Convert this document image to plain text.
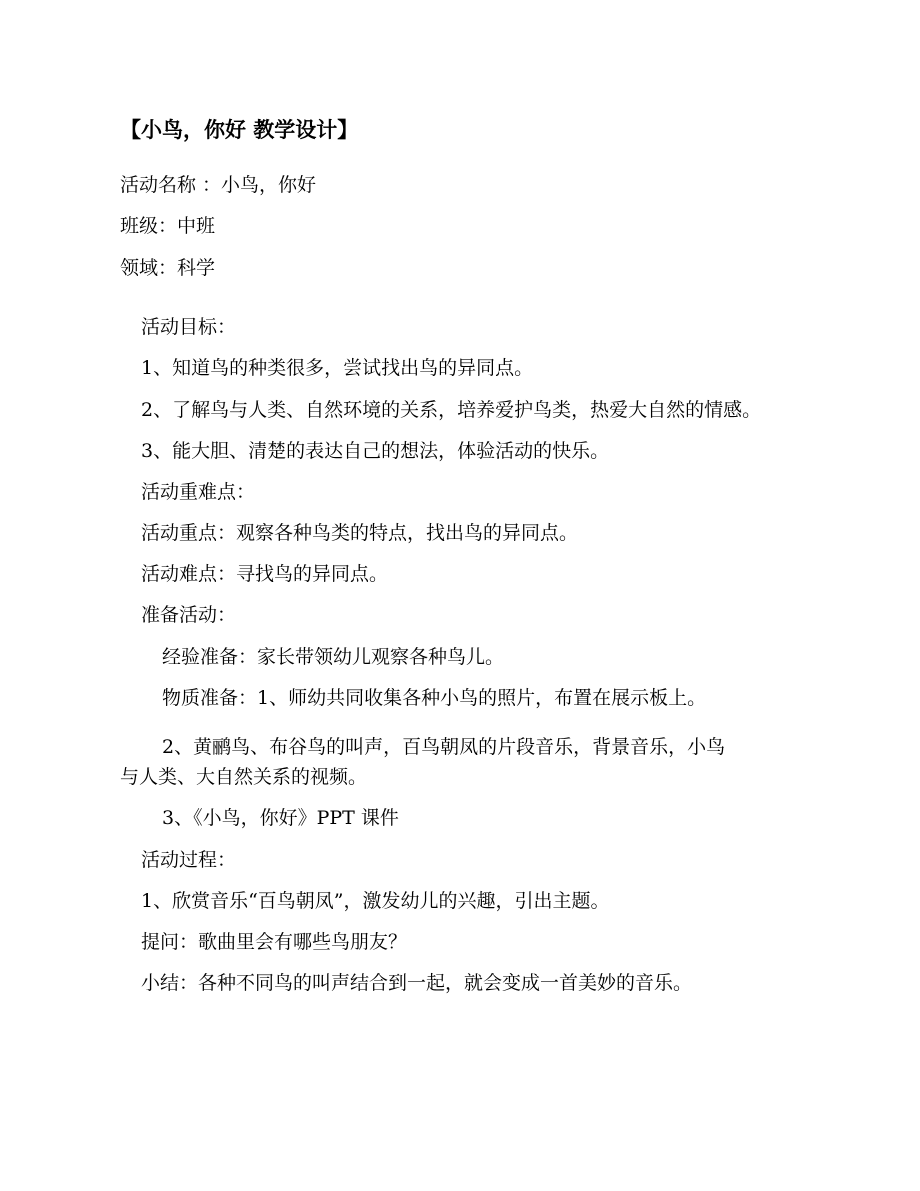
【小鸟，你好 教学设计】
活动名称 ：小鸟，你好
班级：中班
领域：科学
活动目标：
1、知道鸟的种类很多，尝试找出鸟的异同点。
2、了解鸟与人类、自然环境的关系，培养爱护鸟类，热爱大自然的情感。
3、能大胆、清楚的表达自己的想法，体验活动的快乐。
活动重难点：
活动重点：观察各种鸟类的特点，找出鸟的异同点。
活动难点：寻找鸟的异同点。
准备活动：
经验准备：家长带领幼儿观察各种鸟儿。
物质准备：1、师幼共同收集各种小鸟的照片，布置在展示板上。
2、黄鹂鸟、布谷鸟的叫声，百鸟朝凤的片段音乐，背景音乐，小鸟
与人类、大自然关系的视频。
3、《小鸟，你好》PPT 课件
活动过程：
1、欣赏音乐“百鸟朝凤”，激发幼儿的兴趣，引出主题。
提问：歌曲里会有哪些鸟朋友？
小结：各种不同鸟的叫声结合到一起，就会变成一首美妙的音乐。
